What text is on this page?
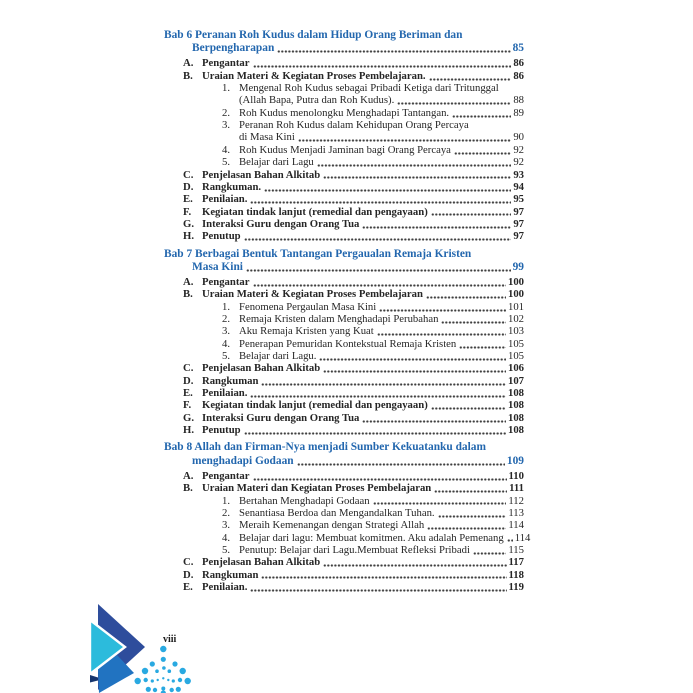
Bab 6 Peranan Roh Kudus dalam Hidup Orang Beriman dan
Berpengharapan	85
A. Pengantar	86
B. Uraian Materi & Kegiatan Proses Pembelajaran.	86
1. Mengenal Roh Kudus sebagai Pribadi Ketiga dari Tritunggal
(Allah Bapa, Putra dan Roh Kudus).	88
2. Roh Kudus menolongku Menghadapi Tantangan.	89
3. Peranan Roh Kudus dalam Kehidupan Orang Percaya
di Masa Kini	90
4. Roh Kudus Menjadi Jaminan bagi Orang Percaya	92
5. Belajar dari Lagu	92
C. Penjelasan Bahan Alkitab	93
D. Rangkuman.	94
E. Penilaian.	95
F.	Kegiatan tindak lanjut (remedial dan pengayaan)	97
G. Interaksi Guru dengan Orang Tua	97
H. Penutup	97
Bab 7 Berbagai Bentuk Tantangan Pergaualan Remaja Kristen
Masa Kini	99
A. Pengantar	100
B. Uraian Materi & Kegiatan Proses Pembelajaran	100
1. Fenomena Pergaulan Masa Kini	101
2. Remaja Kristen dalam Menghadapi Perubahan	102
3. Aku Remaja Kristen yang Kuat	103
4. Penerapan Pemuridan Kontekstual Remaja Kristen	105
5. Belajar dari Lagu.	105
C. Penjelasan Bahan Alkitab	106
D. Rangkuman	107
E. Penilaian.	108
F.	Kegiatan tindak lanjut (remedial dan pengayaan)	108
G. Interaksi Guru dengan Orang Tua	108
H. Penutup	108
Bab 8 Allah dan Firman-Nya menjadi Sumber Kekuatanku dalam
menghadapi Godaan	109
A. Pengantar	110
B. Uraian Materi dan Kegiatan Proses Pembelajaran	111
1. Bertahan Menghadapi Godaan	112
2. Senantiasa Berdoa dan Mengandalkan Tuhan.	113
3. Meraih Kemenangan dengan Strategi Allah	114
4. Belajar dari lagu: Membuat komitmen. Aku adalah Pemenang 114
5. Penutup: Belajar dari Lagu.Membuat Refleksi Pribadi	115
C. Penjelasan Bahan Alkitab	117
D. Rangkuman	118
E. Penilaian.	119
viii
